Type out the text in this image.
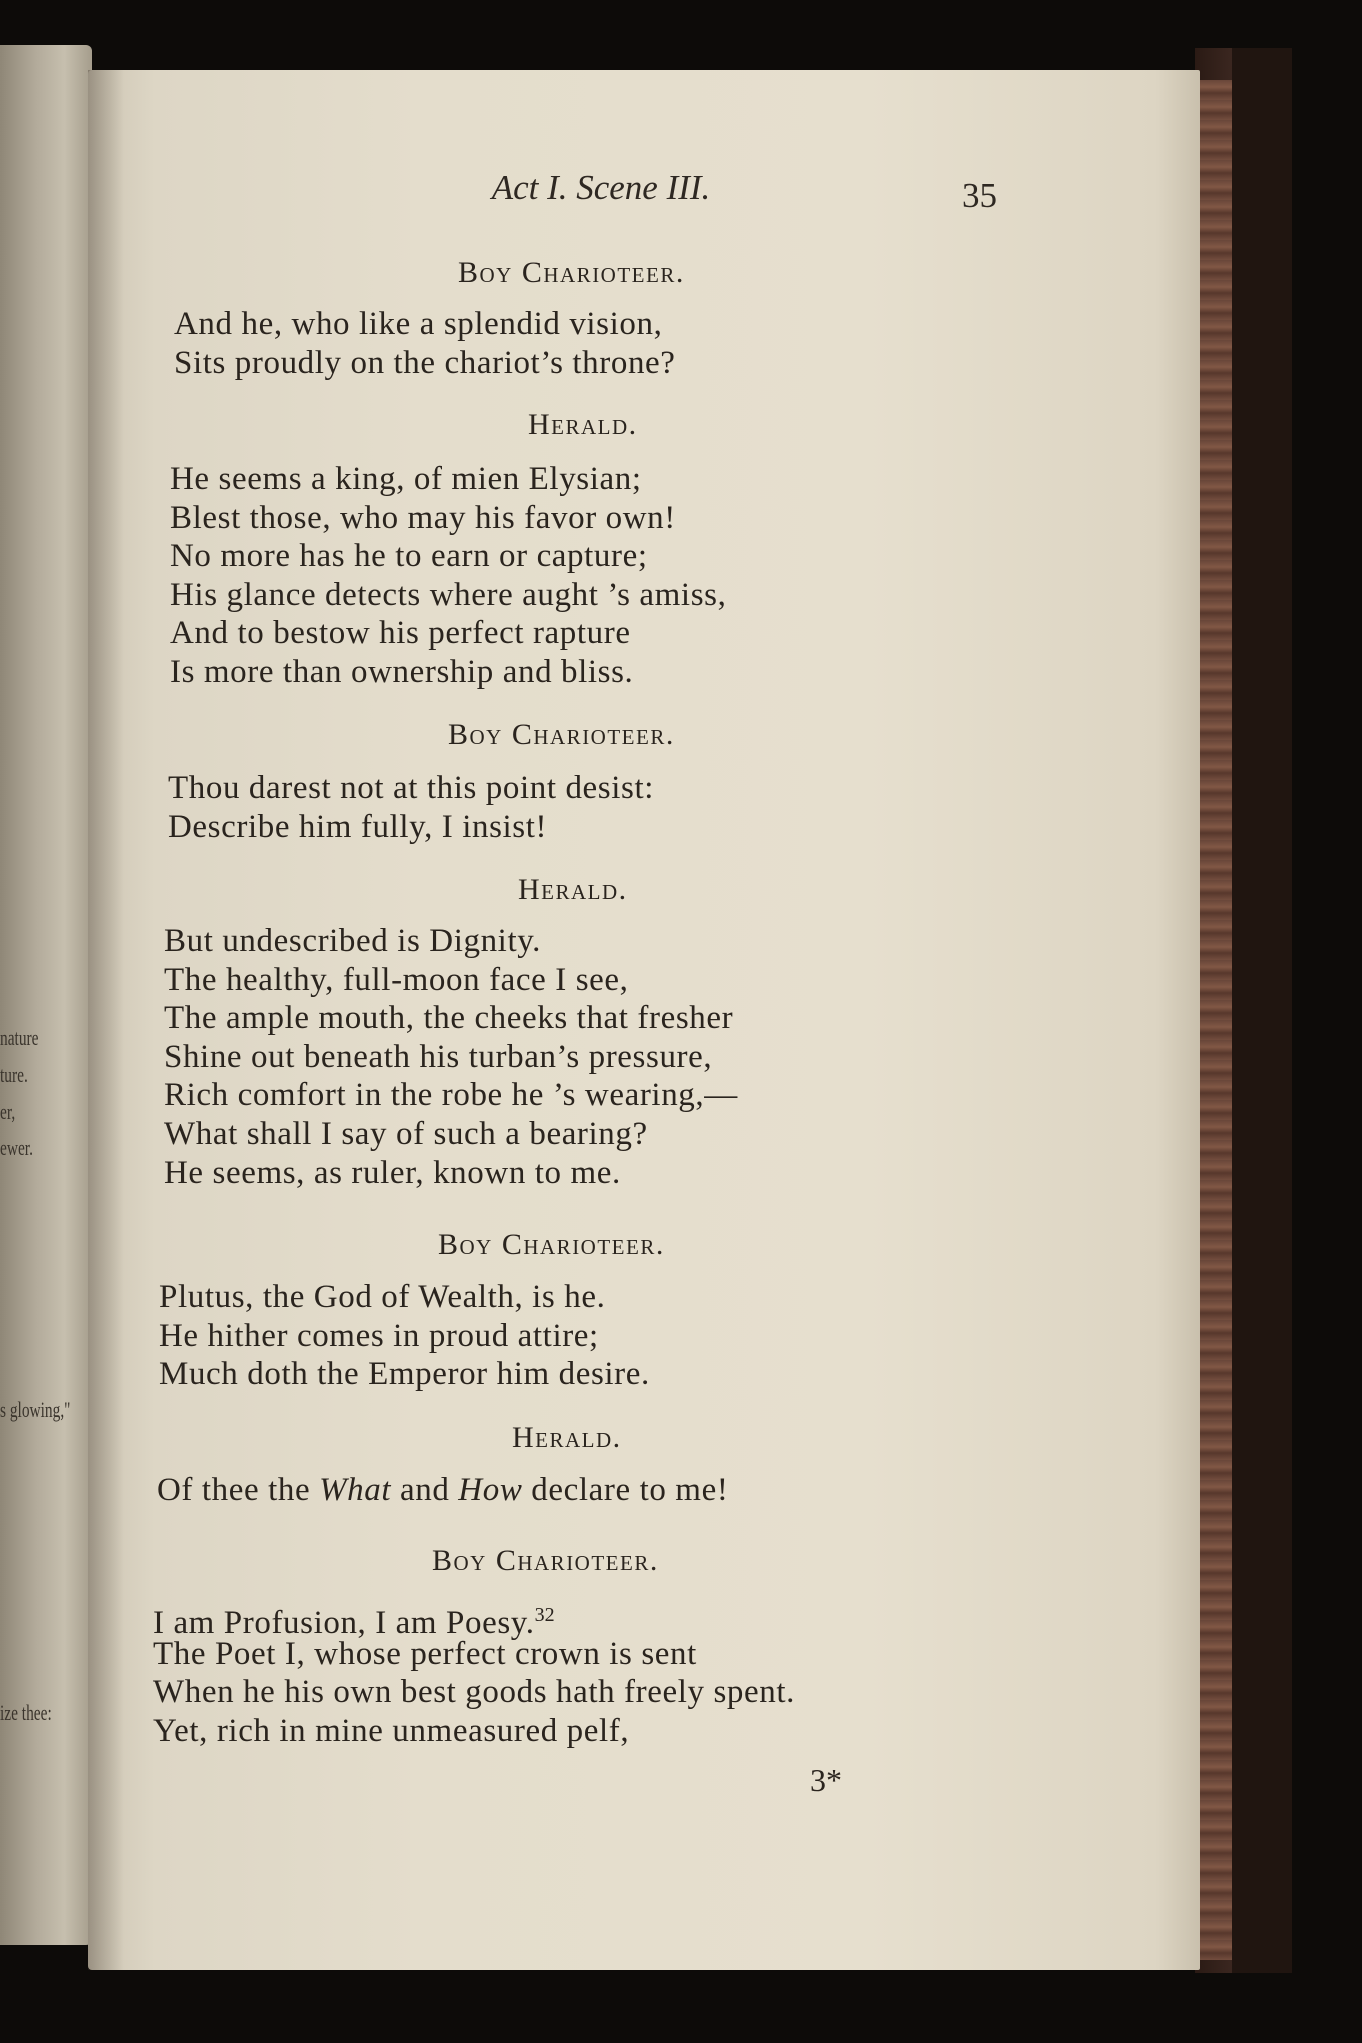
nature
ture.
er,
ewer.
s glowing,"
ize thee:
Act I. Scene III.	35
Boy Charioteer.
And he, who like a splendid vision,
Sits proudly on the chariot’s throne?
Herald.
He seems a king, of mien Elysian;
Blest those, who may his favor own!
No more has he to earn or capture;
His glance detects where aught ’s amiss,
And to bestow his perfect rapture
Is more than ownership and bliss.
Boy Charioteer.
Thou darest not at this point desist:
Describe him fully, I insist!
Herald.
But undescribed is Dignity.
The healthy, full-moon face I see,
The ample mouth, the cheeks that fresher
Shine out beneath his turban’s pressure,
Rich comfort in the robe he ’s wearing,—
What shall I say of such a bearing?
He seems, as ruler, known to me.
Boy Charioteer.
Plutus, the God of Wealth, is he.
He hither comes in proud attire;
Much doth the Emperor him desire.
Herald.
Of thee the What and How declare to me!
Boy Charioteer.
I am Profusion, I am Poesy.$^{32}$
The Poet I, whose perfect crown is sent
When he his own best goods hath freely spent.
Yet, rich in mine unmeasured pelf,
3*
